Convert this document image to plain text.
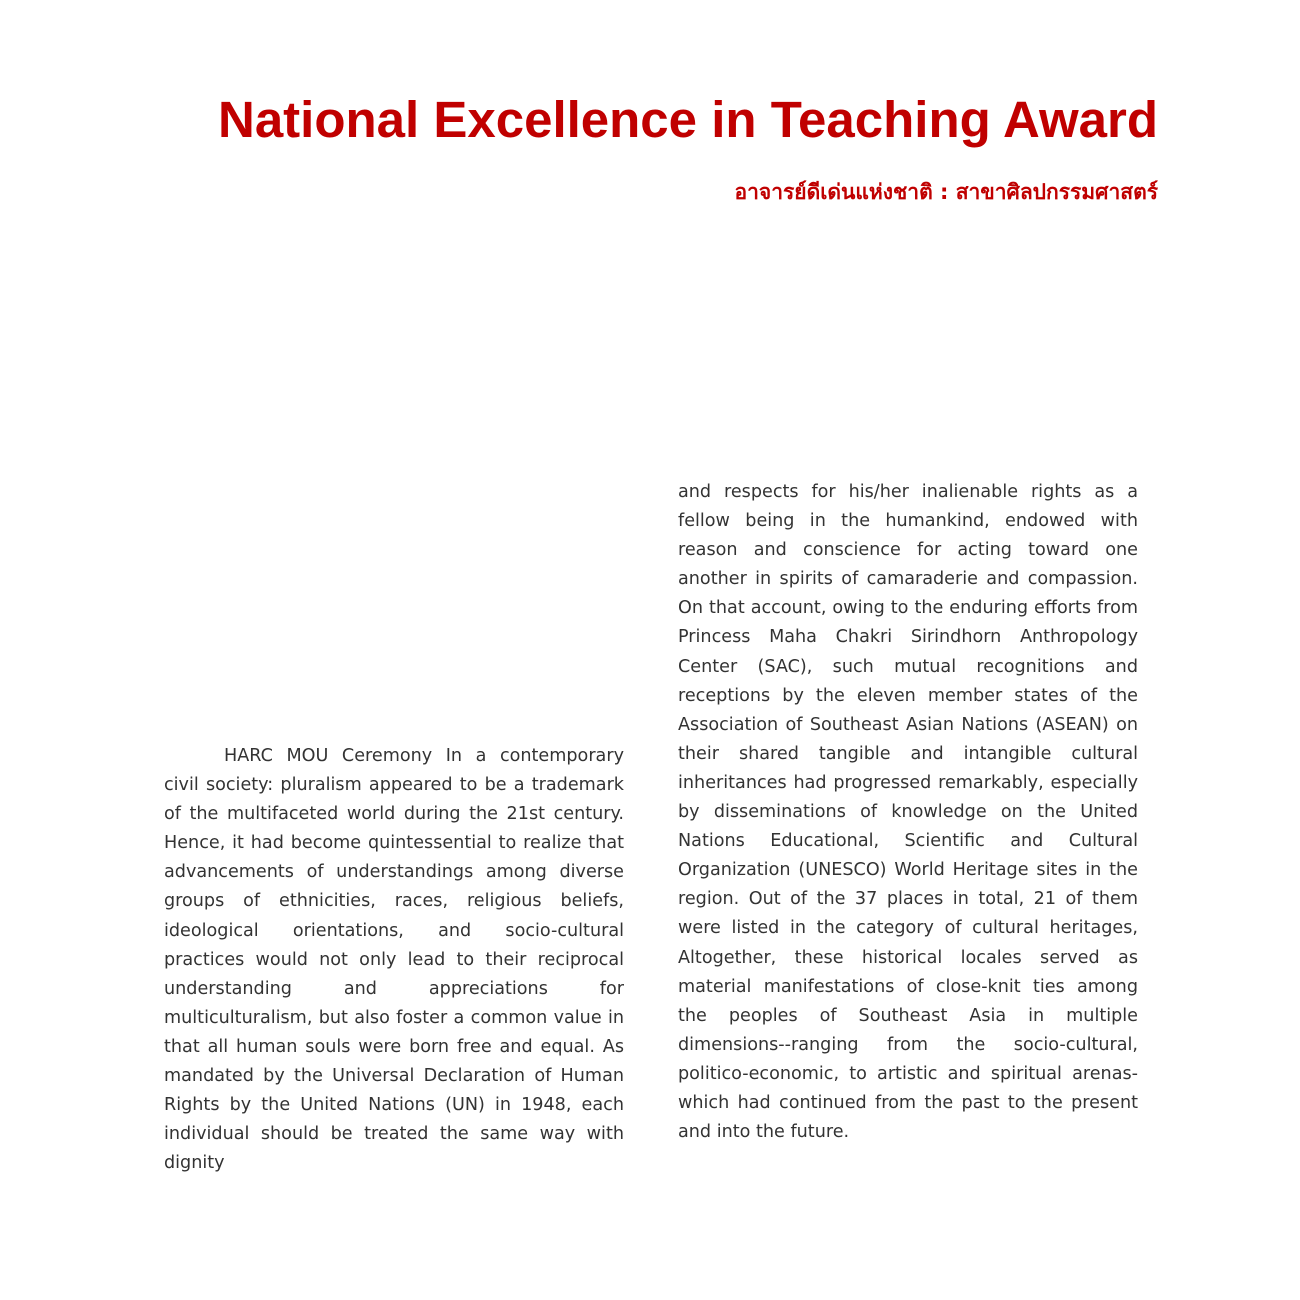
National Excellence in Teaching Award
อาจารย์ดีเด่นแห่งชาติ : สาขาศิลปกรรมศาสตร์

HARC MOU Ceremony In a contemporary civil society: pluralism appeared to be a trademark of the multifaceted world during the 21st century. Hence, it had become quintessential to realize that advancements of understandings among diverse groups of ethnicities, races, religious beliefs, ideological orientations, and socio-cultural practices would not only lead to their reciprocal understanding and appreciations for multiculturalism, but also foster a common value in that all human souls were born free and equal. As mandated by the Universal Declaration of Human Rights by the United Nations (UN) in 1948, each individual should be treated the same way with dignity

and respects for his/her inalienable rights as a fellow being in the humankind, endowed with reason and conscience for acting toward one another in spirits of camaraderie and compassion. On that account, owing to the enduring efforts from Princess Maha Chakri Sirindhorn Anthropology Center (SAC), such mutual recognitions and receptions by the eleven member states of the Association of Southeast Asian Nations (ASEAN) on their shared tangible and intangible cultural inheritances had progressed remarkably, especially by disseminations of knowledge on the United Nations Educational, Scientific and Cultural Organization (UNESCO) World Heritage sites in the region. Out of the 37 places in total, 21 of them were listed in the category of cultural heritages, Altogether, these historical locales served as material manifestations of close-knit ties among the peoples of Southeast Asia in multiple dimensions--ranging from the socio-cultural, politico-economic, to artistic and spiritual arenas-which had continued from the past to the present and into the future.
